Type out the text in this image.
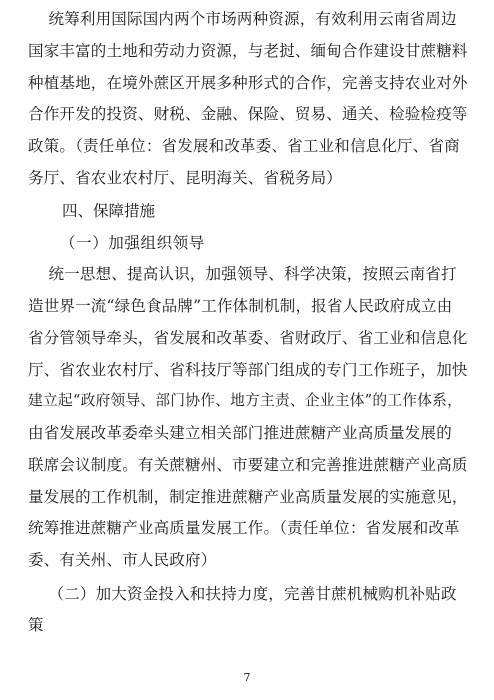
统筹利用国际国内两个市场两种资源，有效利用云南省周边
国家丰富的土地和劳动力资源，与老挝、缅甸合作建设甘蔗糖料
种植基地，在境外蔗区开展多种形式的合作，完善支持农业对外
合作开发的投资、财税、金融、保险、贸易、通关、检验检疫等
政策。（责任单位：省发展和改革委、省工业和信息化厅、省商
务厅、省农业农村厅、昆明海关、省税务局）
四、保障措施
（一）加强组织领导
统一思想、提高认识，加强领导、科学决策，按照云南省打
造世界一流“绿色食品牌”工作体制机制，报省人民政府成立由
省分管领导牵头，省发展和改革委、省财政厅、省工业和信息化
厅、省农业农村厅、省科技厅等部门组成的专门工作班子，加快
建立起“政府领导、部门协作、地方主责、企业主体”的工作体系，
由省发展改革委牵头建立相关部门推进蔗糖产业高质量发展的
联席会议制度。有关蔗糖州、市要建立和完善推进蔗糖产业高质
量发展的工作机制，制定推进蔗糖产业高质量发展的实施意见，
统筹推进蔗糖产业高质量发展工作。（责任单位：省发展和改革
委、有关州、市人民政府）
（二）加大资金投入和扶持力度，完善甘蔗机械购机补贴政
策
7
